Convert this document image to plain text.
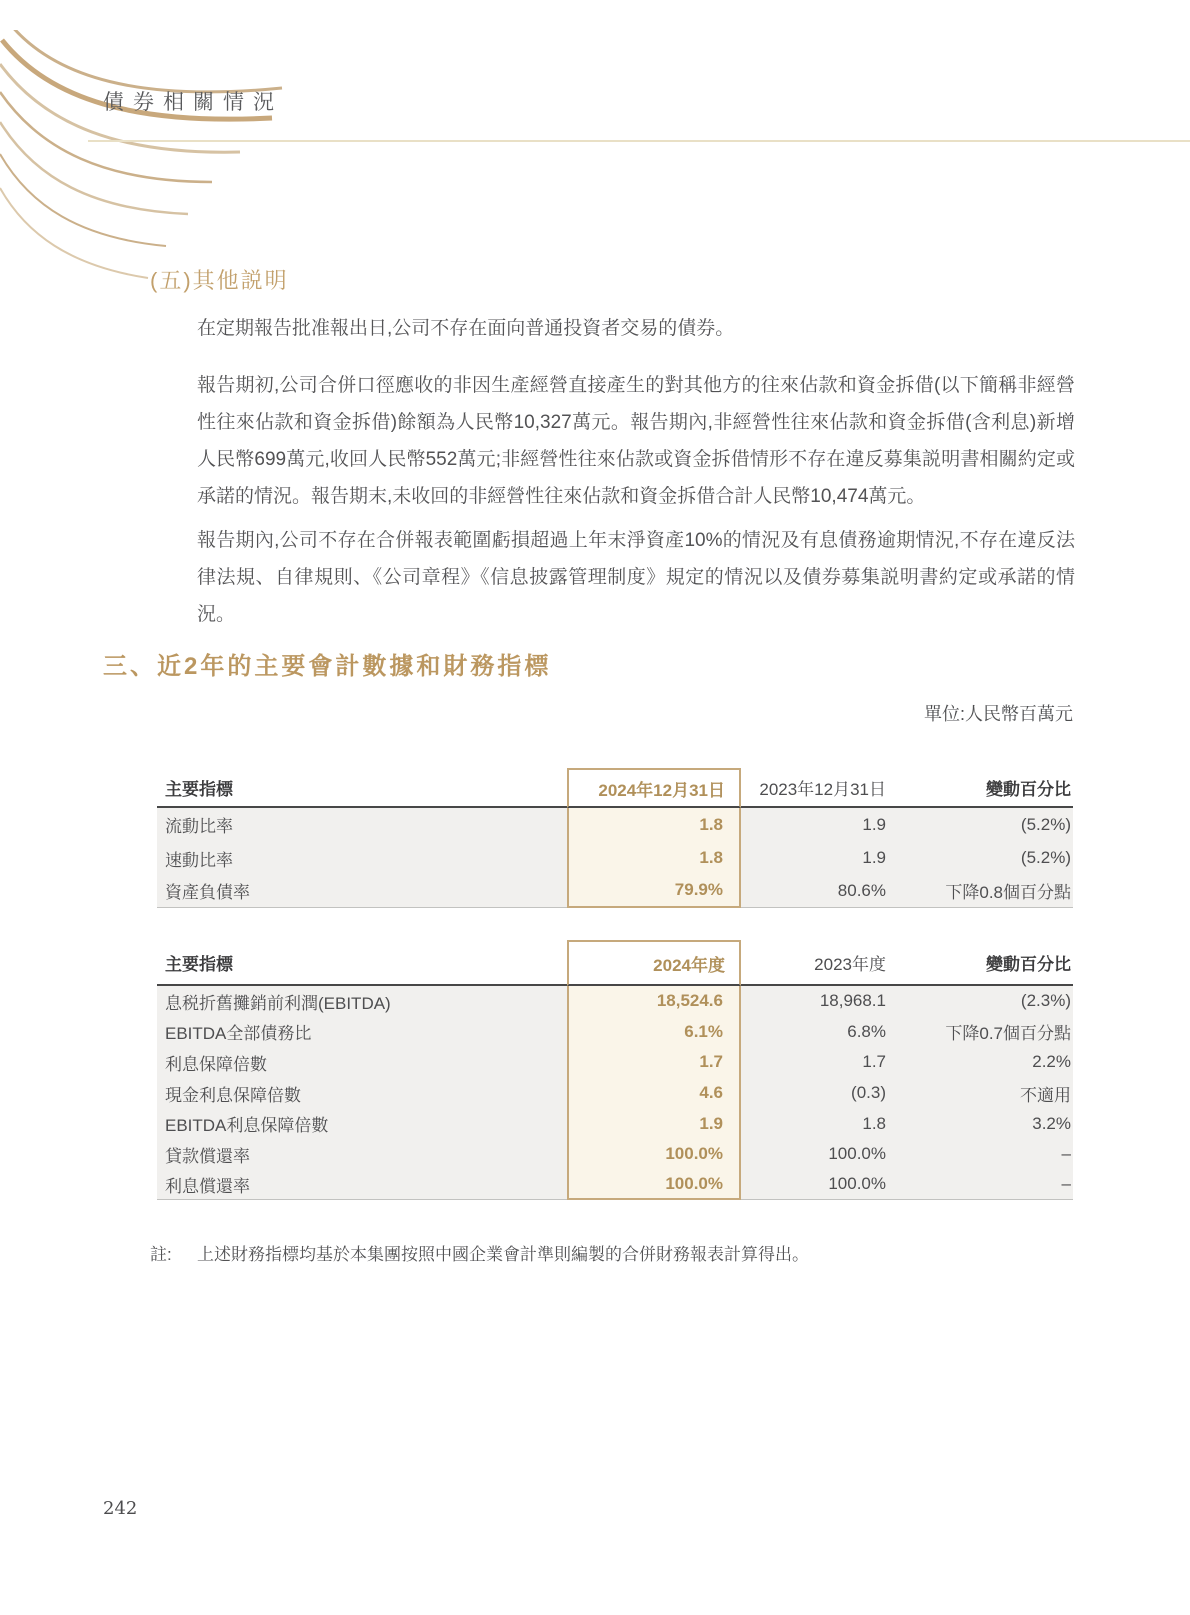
債券相關情況
(五)其他説明
在定期報告批准報出日,公司不存在面向普通投資者交易的債券。
報告期初,公司合併口徑應收的非因生產經營直接產生的對其他方的往來佔款和資金拆借(以下簡稱非經營性往來佔款和資金拆借)餘額為人民幣10,327萬元。報告期內,非經營性往來佔款和資金拆借(含利息)新增人民幣699萬元,收回人民幣552萬元;非經營性往來佔款或資金拆借情形不存在違反募集説明書相關約定或承諾的情況。報告期末,未收回的非經營性往來佔款和資金拆借合計人民幣10,474萬元。
報告期內,公司不存在合併報表範圍虧損超過上年末淨資產10%的情況及有息債務逾期情況,不存在違反法律法規、自律規則、《公司章程》《信息披露管理制度》規定的情況以及債券募集説明書約定或承諾的情況。
三、近2年的主要會計數據和財務指標
單位:人民幣百萬元
主要指標	2024年12月31日	2023年12月31日	變動百分比
流動比率	1.8	1.9	(5.2%)
速動比率	1.8	1.9	(5.2%)
資產負債率	79.9%	80.6%	下降0.8個百分點
主要指標	2024年度	2023年度	變動百分比
息税折舊攤銷前利潤(EBITDA)	18,524.6	18,968.1	(2.3%)
EBITDA全部債務比	6.1%	6.8%	下降0.7個百分點
利息保障倍數	1.7	1.7	2.2%
現金利息保障倍數	4.6	(0.3)	不適用
EBITDA利息保障倍數	1.9	1.8	3.2%
貸款償還率	100.0%	100.0%	–
利息償還率	100.0%	100.0%	–
註:	上述財務指標均基於本集團按照中國企業會計準則編製的合併財務報表計算得出。
242
